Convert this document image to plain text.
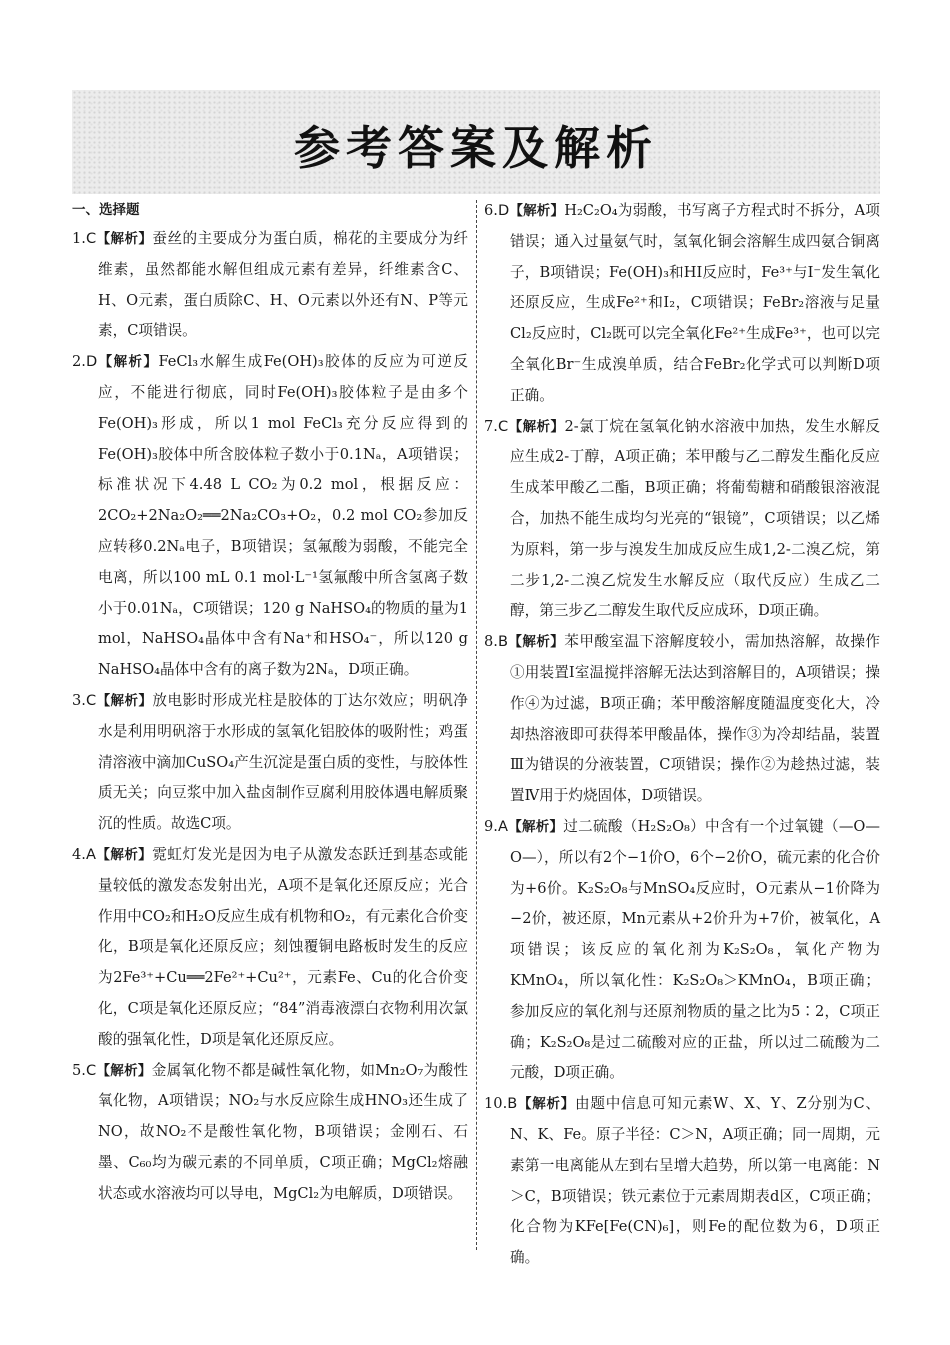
参考答案及解析

一、选择题

1.C【解析】蚕丝的主要成分为蛋白质，棉花的主要成分为纤维素，虽然都能水解但组成元素有差异，纤维素含C、H、O元素，蛋白质除C、H、O元素以外还有N、P等元素，C项错误。

2.D【解析】FeCl₃水解生成Fe(OH)₃胶体的反应为可逆反应，不能进行彻底，同时Fe(OH)₃胶体粒子是由多个Fe(OH)₃形成，所以1 mol FeCl₃充分反应得到的Fe(OH)₃胶体中所含胶体粒子数小于0.1Nₐ，A项错误；标准状况下4.48 L CO₂为0.2 mol，根据反应：2CO₂+2Na₂O₂══2Na₂CO₃+O₂，0.2 mol CO₂参加反应转移0.2Nₐ电子，B项错误；氢氟酸为弱酸，不能完全电离，所以100 mL 0.1 mol·L⁻¹氢氟酸中所含氢离子数小于0.01Nₐ，C项错误；120 g NaHSO₄的物质的量为1 mol，NaHSO₄晶体中含有Na⁺和HSO₄⁻，所以120 g NaHSO₄晶体中含有的离子数为2Nₐ，D项正确。

3.C【解析】放电影时形成光柱是胶体的丁达尔效应；明矾净水是利用明矾溶于水形成的氢氧化铝胶体的吸附性；鸡蛋清溶液中滴加CuSO₄产生沉淀是蛋白质的变性，与胶体性质无关；向豆浆中加入盐卤制作豆腐利用胶体遇电解质聚沉的性质。故选C项。

4.A【解析】霓虹灯发光是因为电子从激发态跃迁到基态或能量较低的激发态发射出光，A项不是氧化还原反应；光合作用中CO₂和H₂O反应生成有机物和O₂，有元素化合价变化，B项是氧化还原反应；刻蚀覆铜电路板时发生的反应为2Fe³⁺+Cu══2Fe²⁺+Cu²⁺，元素Fe、Cu的化合价变化，C项是氧化还原反应；“84”消毒液漂白衣物利用次氯酸的强氧化性，D项是氧化还原反应。

5.C【解析】金属氧化物不都是碱性氧化物，如Mn₂O₇为酸性氧化物，A项错误；NO₂与水反应除生成HNO₃还生成了NO，故NO₂不是酸性氧化物，B项错误；金刚石、石墨、C₆₀均为碳元素的不同单质，C项正确；MgCl₂熔融状态或水溶液均可以导电，MgCl₂为电解质，D项错误。

6.D【解析】H₂C₂O₄为弱酸，书写离子方程式时不拆分，A项错误；通入过量氨气时，氢氧化铜会溶解生成四氨合铜离子，B项错误；Fe(OH)₃和HI反应时，Fe³⁺与I⁻发生氧化还原反应，生成Fe²⁺和I₂，C项错误；FeBr₂溶液与足量Cl₂反应时，Cl₂既可以完全氧化Fe²⁺生成Fe³⁺，也可以完全氧化Br⁻生成溴单质，结合FeBr₂化学式可以判断D项正确。

7.C【解析】2-氯丁烷在氢氧化钠水溶液中加热，发生水解反应生成2-丁醇，A项正确；苯甲酸与乙二醇发生酯化反应生成苯甲酸乙二酯，B项正确；将葡萄糖和硝酸银溶液混合，加热不能生成均匀光亮的“银镜”，C项错误；以乙烯为原料，第一步与溴发生加成反应生成1,2-二溴乙烷，第二步1,2-二溴乙烷发生水解反应（取代反应）生成乙二醇，第三步乙二醇发生取代反应成环，D项正确。

8.B【解析】苯甲酸室温下溶解度较小，需加热溶解，故操作①用装置Ⅰ室温搅拌溶解无法达到溶解目的，A项错误；操作④为过滤，B项正确；苯甲酸溶解度随温度变化大，冷却热溶液即可获得苯甲酸晶体，操作③为冷却结晶，装置Ⅲ为错误的分液装置，C项错误；操作②为趁热过滤，装置Ⅳ用于灼烧固体，D项错误。

9.A【解析】过二硫酸（H₂S₂O₈）中含有一个过氧键（—O—O—），所以有2个−1价O，6个−2价O，硫元素的化合价为+6价。K₂S₂O₈与MnSO₄反应时，O元素从−1价降为−2价，被还原，Mn元素从+2价升为+7价，被氧化，A项错误；该反应的氧化剂为K₂S₂O₈，氧化产物为KMnO₄，所以氧化性：K₂S₂O₈＞KMnO₄，B项正确；参加反应的氧化剂与还原剂物质的量之比为5∶2，C项正确；K₂S₂O₈是过二硫酸对应的正盐，所以过二硫酸为二元酸，D项正确。

10.B【解析】由题中信息可知元素W、X、Y、Z分别为C、N、K、Fe。原子半径：C＞N，A项正确；同一周期，元素第一电离能从左到右呈增大趋势，所以第一电离能：N＞C，B项错误；铁元素位于元素周期表d区，C项正确；化合物为KFe[Fe(CN)₆]，则Fe的配位数为6，D项正确。
